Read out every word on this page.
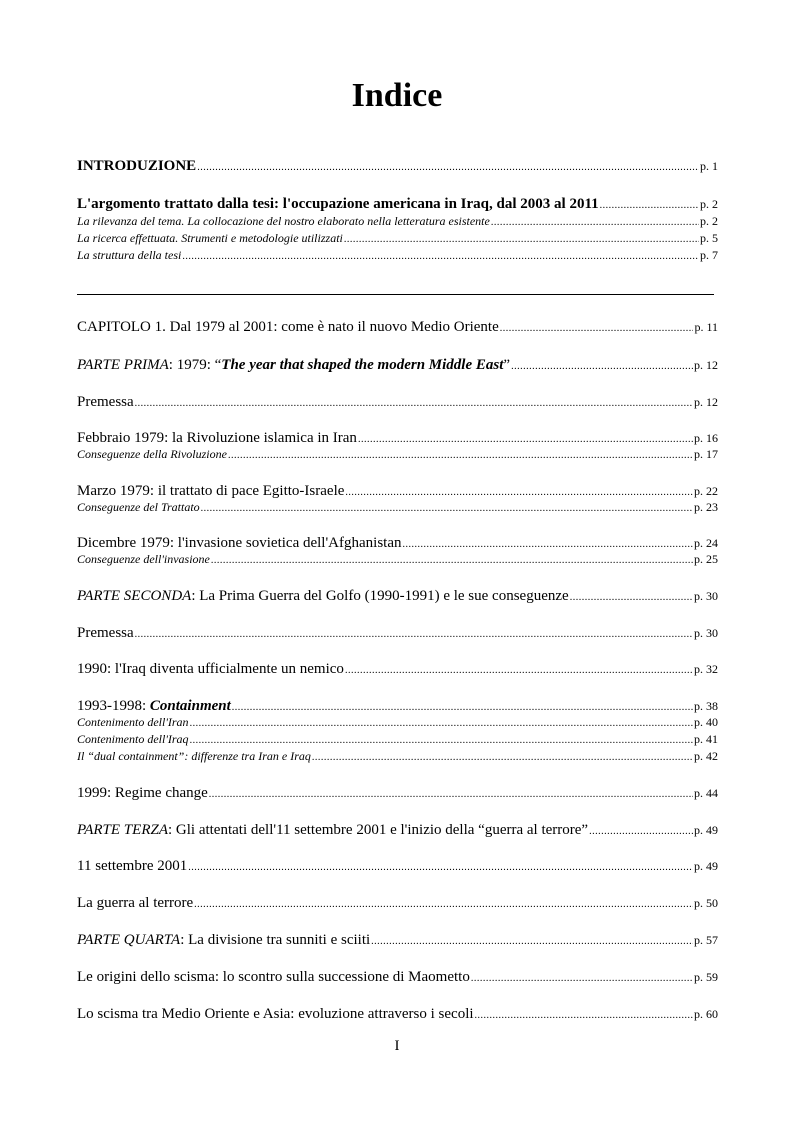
Indice
INTRODUZIONE .....	p. 1
L'argomento trattato dalla tesi: l'occupazione americana in Iraq, dal 2003 al 2011 .....	p. 2
La rilevanza del tema. La collocazione del nostro elaborato nella letteratura esistente .....	p. 2
La ricerca effettuata. Strumenti e metodologie utilizzati .....	p. 5
La struttura della tesi .....	p. 7
CAPITOLO 1. Dal 1979 al 2001: come è nato il nuovo Medio Oriente .....	p. 11
PARTE PRIMA: 1979: “The year that shaped the modern Middle East” .....	p. 12
Premessa .....	p. 12
Febbraio 1979: la Rivoluzione islamica in Iran .....	p. 16
Conseguenze della Rivoluzione .....	p. 17
Marzo 1979: il trattato di pace Egitto-Israele .....	p. 22
Conseguenze del Trattato .....	p. 23
Dicembre 1979: l'invasione sovietica dell'Afghanistan .....	p. 24
Conseguenze dell'invasione .....	p. 25
PARTE SECONDA: La Prima Guerra del Golfo (1990-1991) e le sue conseguenze .....	p. 30
Premessa .....	p. 30
1990: l'Iraq diventa ufficialmente un nemico .....	p. 32
1993-1998: Containment .....	p. 38
Contenimento dell'Iran .....	p. 40
Contenimento dell'Iraq .....	p. 41
Il “dual containment”: differenze tra Iran e Iraq .....	p. 42
1999: Regime change .....	p. 44
PARTE TERZA: Gli attentati dell'11 settembre 2001 e l'inizio della “guerra al terrore” .....	p. 49
11 settembre 2001 .....	p. 49
La guerra al terrore .....	p. 50
PARTE QUARTA: La divisione tra sunniti e sciiti .....	p. 57
Le origini dello scisma: lo scontro sulla successione di Maometto .....	p. 59
Lo scisma tra Medio Oriente e Asia: evoluzione attraverso i secoli .....	p. 60
I
